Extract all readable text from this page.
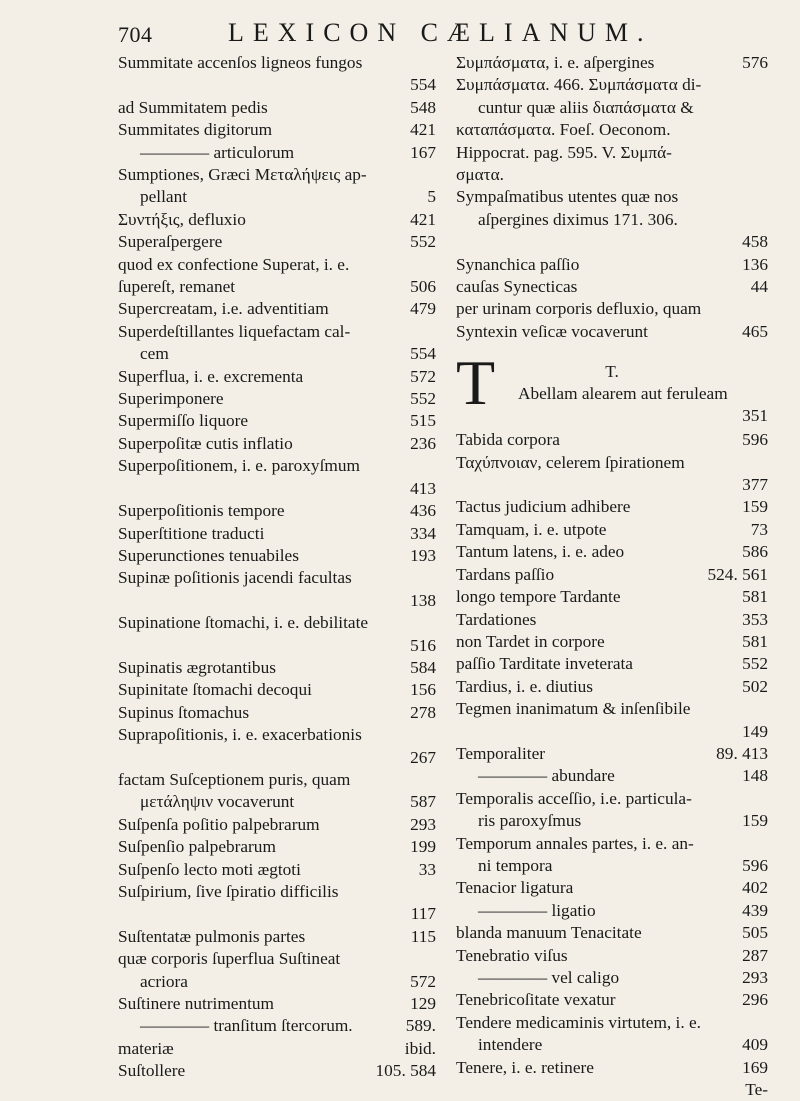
704	LEXICON CÆLIANUM.
Summitate accenſos ligneos fungos
554
ad Summitatem pedis	548
Summitates digitorum	421
———— articulorum	167
Sumptiones, Græci Μεταλήψεις ap-
pellant	5
Συντήξις, defluxio	421
Superaſpergere	552
quod ex confectione Superat, i. e.
ſupereſt, remanet	506
Supercreatam, i.e. adventitiam	479
Superdeſtillantes liquefactam cal-
cem	554
Superflua, i. e. excrementa	572
Superimponere	552
Supermiſſo liquore	515
Superpoſitæ cutis inflatio	236
Superpoſitionem, i. e. paroxyſmum
413
Superpoſitionis tempore	436
Superſtitione traducti	334
Superunctiones tenuabiles	193
Supinæ poſitionis jacendi facultas
138
Supinatione ſtomachi, i. e. debilitate
516
Supinatis ægrotantibus	584
Supinitate ſtomachi decoqui	156
Supinus ſtomachus	278
Suprapoſitionis, i. e. exacerbationis
267
factam Suſceptionem puris, quam
μετάληψιν vocaverunt	587
Suſpenſa poſitio palpebrarum	293
Suſpenſio palpebrarum	199
Suſpenſo lecto moti ægtoti	33
Suſpirium, ſive ſpiratio difficilis
117
Suſtentatæ pulmonis partes	115
quæ corporis ſuperflua Suſtineat
acriora	572
Suſtinere nutrimentum	129
———— tranſitum ſtercorum.	589.
materiæ	ibid.
Suſtollere	105. 584
Συμπάσματα, i. e. aſpergines	576
Συμπάσματα. 466. Συμπάσματα di-
cuntur quæ aliis διαπάσματα &
καταπάσματα. Foeſ. Oeconom.
Hippocrat. pag. 595. V. Συμπά-
σματα.
Sympaſmatibus utentes quæ nos
aſpergines diximus 171. 306.
458
Synanchica paſſio	136
cauſas Synecticas	44
per urinam corporis defluxio, quam
Syntexin veſicæ vocaverunt	465
T	T.
Abellam alearem aut feruleam
351
Tabida corpora	596
Ταχύπνοιαν, celerem ſpirationem
377
Tactus judicium adhibere	159
Tamquam, i. e. utpote	73
Tantum latens, i. e. adeo	586
Tardans paſſio	524. 561
longo tempore Tardante	581
Tardationes	353
non Tardet in corpore	581
paſſio Tarditate inveterata	552
Tardius, i. e. diutius	502
Tegmen inanimatum & inſenſibile
149
Temporaliter	89. 413
———— abundare	148
Temporalis acceſſio, i.e. particula-
ris paroxyſmus	159
Temporum annales partes, i. e. an-
ni tempora	596
Tenacior ligatura	402
———— ligatio	439
blanda manuum Tenacitate	505
Tenebratio viſus	287
———— vel caligo	293
Tenebricoſitate vexatur	296
Tendere medicaminis virtutem, i. e.
intendere	409
Tenere, i. e. retinere	169
Te-
